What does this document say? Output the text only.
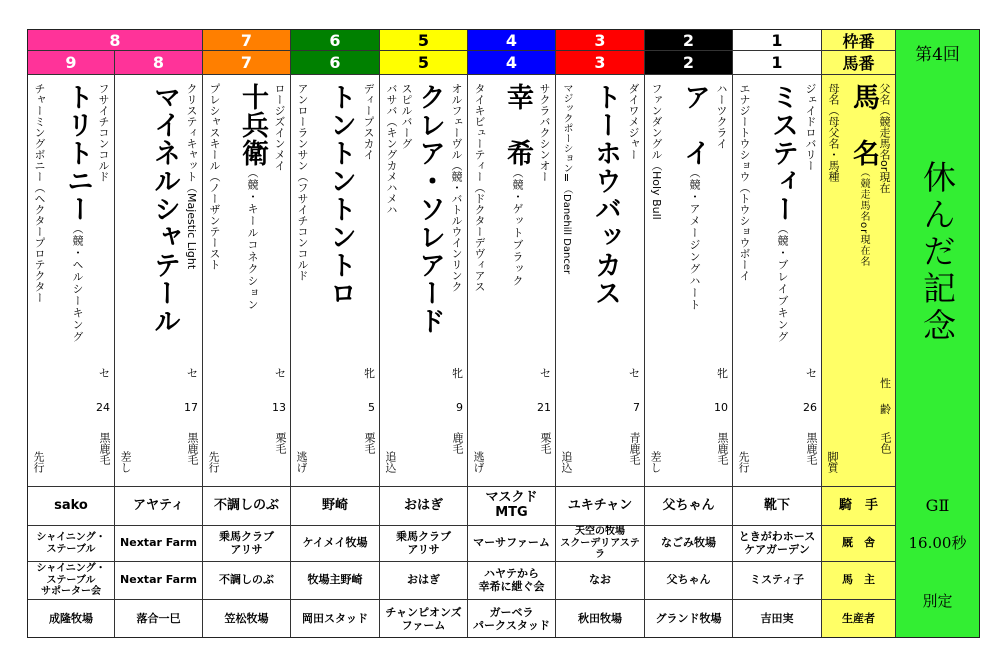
8
9
フサイチコンコルド
トリトニー（競・ヘルシーキング
チャーミングボニー（ヘクタープロテクター
セ
24
黒鹿毛
先行
sako
シャイニング・
ステーブル
シャイニング・
ステーブル
サポーター会
成隆牧場
8
クリスティキャット（Majestic Light
マイネルシャテール
セ
17
黒鹿毛
差し
アヤティ
Nextar Farm
Nextar Farm
落合一巳
7
7
ロージズインメイ
十兵衛（競・キールコネクション
プレシャスキール（ノーザンテースト
セ
13
栗毛
先行
不調しのぶ
乗馬クラブ
アリサ
不調しのぶ
笠松牧場
6
6
ディープスカイ
トントントントロ
アンローランサン（フサイチコンコルド
牝
5
栗毛
逃げ
野崎
ケイメイ牧場
牧場主野崎
岡田スタッド
5
5
オルフェーヴル（競・バトルウインリンク
クレア・ソレアード
スピルバーグ
バサバ（キングカメハメハ
牝
9
鹿毛
追込
おはぎ
乗馬クラブ
アリサ
おはぎ
チャンピオンズ
ファーム
4
4
サクラバクシンオー
幸　希（競・ゲットブラック
タイキビューティー（ドクターデヴィアス
セ
21
栗毛
逃げ
マスクド
MTG
マーサファーム
ハヤテから
幸希に紲ぐ会
ガーベラ
パークスタッド
3
3
ダイワメジャー
トーホウバッカス
マジックポーションⅡ（Danehill Dancer
セ
7
青鹿毛
追込
ユキチャン
天空の牧場
スクーデリアステラ
なお
秋田牧場
2
2
ハーツクライ
ア　イ（競・アメージングハート
ファンダングル（Holy Bull
牝
10
黒鹿毛
差し
父ちゃん
なごみ牧場
父ちゃん
グランド牧場
1
1
ジェイドロバリー
ミスティー（競・ブレイブキング
エナジートウショウ（トウショウボーイ
セ
26
黒鹿毛
先行
靴下
ときがわホース
ケアガーデン
ミスティ子
吉田実
枠番
馬番
父名（競走馬名or現在
馬　名（競走馬名or現在名
母名（母父名・馬種
性
齢
毛色
脚質
騎　手
厩　舎
馬　主
生産者
第4回
休んだ記念
GⅡ
16.00秒
別定
